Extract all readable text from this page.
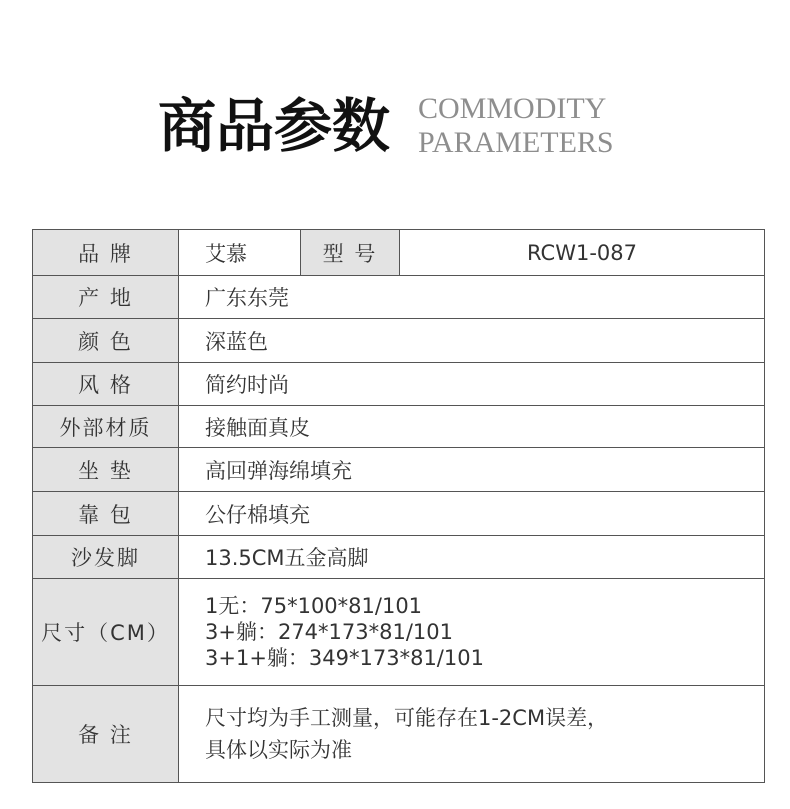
商品参数 COMMODITY
PARAMETERS
品 牌	艾慕	型 号	RCW1-087
产 地	广东东莞		
颜 色	深蓝色		
风 格	简约时尚		
外部材质	接触面真皮		
坐 垫	高回弹海绵填充		
靠 包	公仔棉填充		
沙发脚	13.5CM五金高脚		
尺寸（CM）	1无：75*100*81/101
3+躺：274*173*81/101
3+1+躺：349*173*81/101		

备 注	尺寸均为手工测量，可能存在1-2CM误差，
具体以实际为准		
